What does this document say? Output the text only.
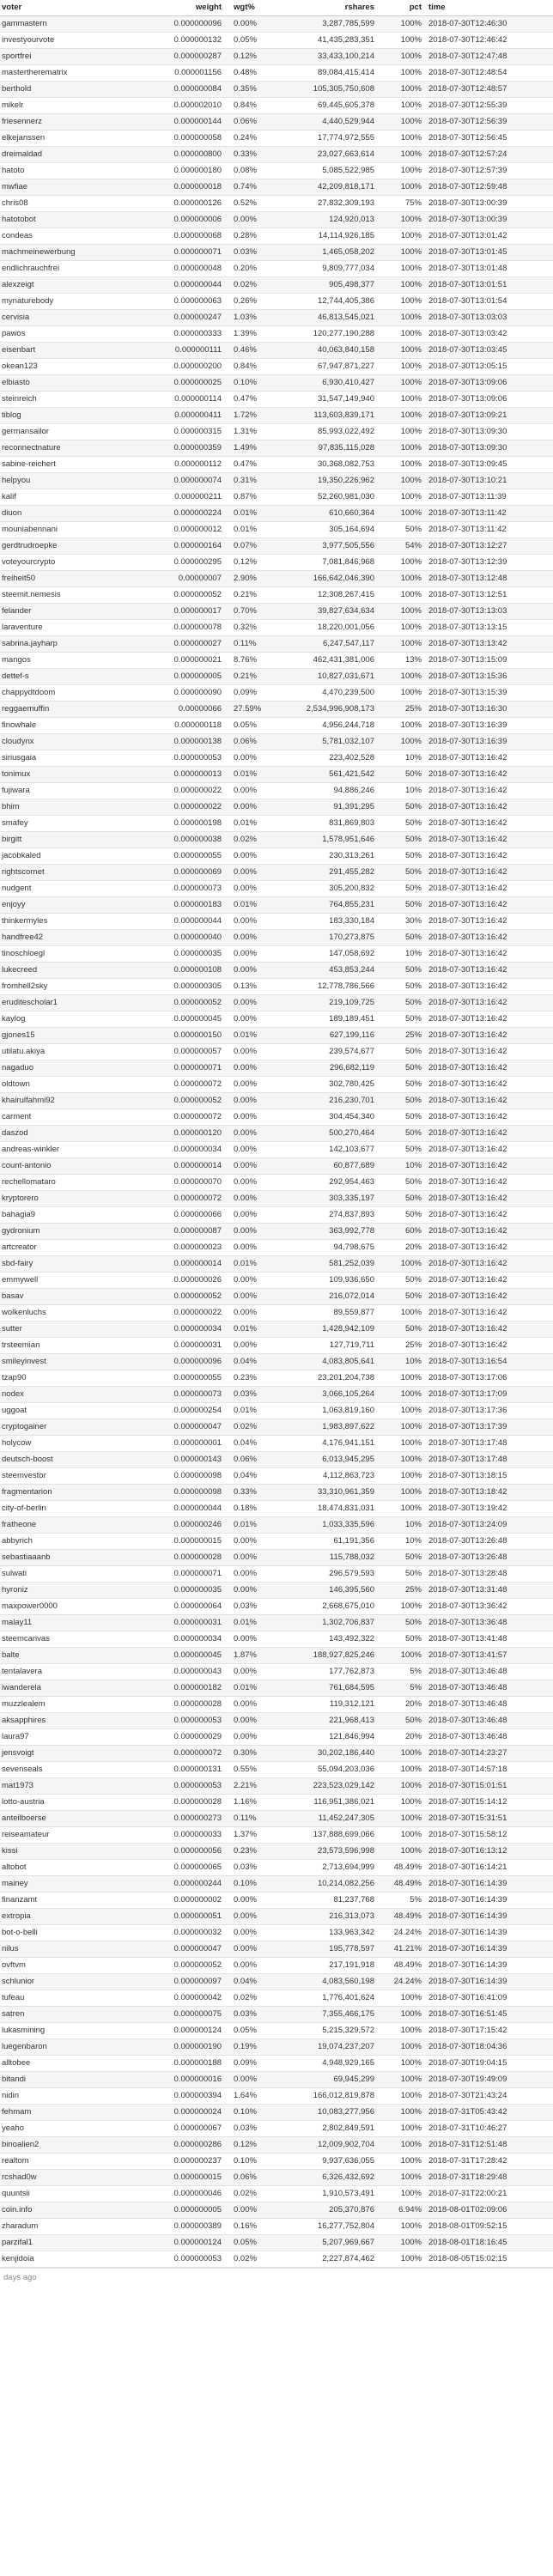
voter	weight	wgt%	rshares	pct	time
gammastern	0.000000096	0.00%	3,287,785,599	100%	2018-07-30T12:46:30
investyourvote	0.000000132	0.05%	41,435,283,351	100%	2018-07-30T12:46:42
sportfrei	0.000000287	0.12%	33,433,100,214	100%	2018-07-30T12:47:48
mastertherematrix	0.000001156	0.48%	89,084,415,414	100%	2018-07-30T12:48:54
berthold	0.000000084	0.35%	105,305,750,608	100%	2018-07-30T12:48:57
mikelr	0.000002010	0.84%	69,445,605,378	100%	2018-07-30T12:55:39
friesennerz	0.000000144	0.06%	4,440,529,944	100%	2018-07-30T12:56:39
elkejanssen	0.000000058	0.24%	17,774,972,555	100%	2018-07-30T12:56:45
dreimaldad	0.000000800	0.33%	23,027,663,614	100%	2018-07-30T12:57:24
hatoto	0.000000180	0.08%	5,085,522,985	100%	2018-07-30T12:57:39
mwfiae	0.000000018	0.74%	42,209,818,171	100%	2018-07-30T12:59:48
chris08	0.000000126	0.52%	27,832,309,193	75%	2018-07-30T13:00:39
hatotobot	0.000000006	0.00%	124,920,013	100%	2018-07-30T13:00:39
condeas	0.000000068	0.28%	14,114,926,185	100%	2018-07-30T13:01:42
machmeinewerbung	0.000000071	0.03%	1,465,058,202	100%	2018-07-30T13:01:45
endlichrauchfrei	0.000000048	0.20%	9,809,777,034	100%	2018-07-30T13:01:48
alexzeigt	0.000000044	0.02%	905,498,377	100%	2018-07-30T13:01:51
mynaturebody	0.000000063	0.26%	12,744,405,386	100%	2018-07-30T13:01:54
cervisia	0.000000247	1.03%	46,813,545,021	100%	2018-07-30T13:03:03
pawos	0.000000333	1.39%	120,277,190,288	100%	2018-07-30T13:03:42
eisenbart	0.000000111	0.46%	40,063,840,158	100%	2018-07-30T13:03:45
okean123	0.000000200	0.84%	67,947,871,227	100%	2018-07-30T13:05:15
elbiasto	0.000000025	0.10%	6,930,410,427	100%	2018-07-30T13:09:06
steinreich	0.000000114	0.47%	31,547,149,940	100%	2018-07-30T13:09:06
tiblog	0.000000411	1.72%	113,603,839,171	100%	2018-07-30T13:09:21
germansailor	0.000000315	1.31%	85,993,022,492	100%	2018-07-30T13:09:30
reconnectnature	0.000000359	1.49%	97,835,115,028	100%	2018-07-30T13:09:30
sabine-reichert	0.000000112	0.47%	30,368,082,753	100%	2018-07-30T13:09:45
helpyou	0.000000074	0.31%	19,350,226,962	100%	2018-07-30T13:10:21
kalif	0.000000211	0.87%	52,260,981,030	100%	2018-07-30T13:11:39
diuon	0.000000224	0.01%	610,660,364	100%	2018-07-30T13:11:42
mouniabennani	0.000000012	0.01%	305,164,694	50%	2018-07-30T13:11:42
gerdtrudroepke	0.000000164	0.07%	3,977,505,556	54%	2018-07-30T13:12:27
voteyourcrypto	0.000000295	0.12%	7,081,846,968	100%	2018-07-30T13:12:39
freiheit50	0.00000007	2.90%	166,642,046,390	100%	2018-07-30T13:12:48
steemit.nemesis	0.000000052	0.21%	12,308,267,415	100%	2018-07-30T13:12:51
felander	0.000000017	0.70%	39,827,634,634	100%	2018-07-30T13:13:03
laraventure	0.000000078	0.32%	18,220,001,056	100%	2018-07-30T13:13:15
sabrina.jayharp	0.000000027	0.11%	6,247,547,117	100%	2018-07-30T13:13:42
mangos	0.000000021	8.76%	462,431,381,006	13%	2018-07-30T13:15:09
dettef-s	0.000000005	0.21%	10,827,031,671	100%	2018-07-30T13:15:36
chappydtdoom	0.000000090	0.09%	4,470,239,500	100%	2018-07-30T13:15:39
reggaemuffin	0.00000066	27.59%	2,534,996,908,173	25%	2018-07-30T13:16:30
finowhale	0.000000118	0.05%	4,956,244,718	100%	2018-07-30T13:16:39
cloudynx	0.000000138	0.06%	5,781,032,107	100%	2018-07-30T13:16:39
siriusgaia	0.000000053	0.00%	223,402,528	10%	2018-07-30T13:16:42
tonimux	0.000000013	0.01%	561,421,542	50%	2018-07-30T13:16:42
fujiwara	0.000000022	0.00%	94,886,246	10%	2018-07-30T13:16:42
bhim	0.000000022	0.00%	91,391,295	50%	2018-07-30T13:16:42
smafey	0.000000198	0.01%	831,869,803	50%	2018-07-30T13:16:42
birgitt	0.000000038	0.02%	1,578,951,646	50%	2018-07-30T13:16:42
jacobkaled	0.000000055	0.00%	230,313,261	50%	2018-07-30T13:16:42
rightscornet	0.000000069	0.00%	291,455,282	50%	2018-07-30T13:16:42
nudgent	0.000000073	0.00%	305,200,832	50%	2018-07-30T13:16:42
enjoyy	0.000000183	0.01%	764,855,231	50%	2018-07-30T13:16:42
thinkermyles	0.000000044	0.00%	183,330,184	30%	2018-07-30T13:16:42
handfree42	0.000000040	0.00%	170,273,875	50%	2018-07-30T13:16:42
tinoschloegl	0.000000035	0.00%	147,058,692	10%	2018-07-30T13:16:42
lukecreed	0.000000108	0.00%	453,853,244	50%	2018-07-30T13:16:42
fromhell2sky	0.000000305	0.13%	12,778,786,566	50%	2018-07-30T13:16:42
eruditescholar1	0.000000052	0.00%	219,109,725	50%	2018-07-30T13:16:42
kaylog	0.000000045	0.00%	189,189,451	50%	2018-07-30T13:16:42
gjones15	0.000000150	0.01%	627,199,116	25%	2018-07-30T13:16:42
utilatu.akiya	0.000000057	0.00%	239,574,677	50%	2018-07-30T13:16:42
nagaduo	0.000000071	0.00%	296,682,119	50%	2018-07-30T13:16:42
oldtown	0.000000072	0.00%	302,780,425	50%	2018-07-30T13:16:42
khairulfahmi92	0.000000052	0.00%	216,230,701	50%	2018-07-30T13:16:42
carment	0.000000072	0.00%	304,454,340	50%	2018-07-30T13:16:42
daszod	0.000000120	0.00%	500,270,464	50%	2018-07-30T13:16:42
andreas-winkler	0.000000034	0.00%	142,103,677	50%	2018-07-30T13:16:42
count-antonio	0.000000014	0.00%	60,877,689	10%	2018-07-30T13:16:42
rechellomataro	0.000000070	0.00%	292,954,463	50%	2018-07-30T13:16:42
kryptorero	0.000000072	0.00%	303,335,197	50%	2018-07-30T13:16:42
bahagia9	0.000000066	0.00%	274,837,893	50%	2018-07-30T13:16:42
gydronium	0.000000087	0.00%	363,992,778	60%	2018-07-30T13:16:42
artcreator	0.000000023	0.00%	94,798,675	20%	2018-07-30T13:16:42
sbd-fairy	0.000000014	0.01%	581,252,039	100%	2018-07-30T13:16:42
emmywell	0.000000026	0.00%	109,936,650	50%	2018-07-30T13:16:42
basav	0.000000052	0.00%	216,072,014	50%	2018-07-30T13:16:42
wolkenluchs	0.000000022	0.00%	89,559,877	100%	2018-07-30T13:16:42
sutter	0.000000034	0.01%	1,428,942,109	50%	2018-07-30T13:16:42
trsteemian	0.000000031	0.00%	127,719,711	25%	2018-07-30T13:16:42
smileyinvest	0.000000096	0.04%	4,083,805,641	10%	2018-07-30T13:16:54
tzap90	0.000000055	0.23%	23,201,204,738	100%	2018-07-30T13:17:06
nodex	0.000000073	0.03%	3,066,105,264	100%	2018-07-30T13:17:09
uggoat	0.000000254	0.01%	1,063,819,160	100%	2018-07-30T13:17:36
cryptogainer	0.000000047	0.02%	1,983,897,622	100%	2018-07-30T13:17:39
holycow	0.000000001	0.04%	4,176,941,151	100%	2018-07-30T13:17:48
deutsch-boost	0.000000143	0.06%	6,013,945,295	100%	2018-07-30T13:17:48
steemvestor	0.000000098	0.04%	4,112,863,723	100%	2018-07-30T13:18:15
fragmentarion	0.000000098	0.33%	33,310,961,359	100%	2018-07-30T13:18:42
city-of-berlin	0.000000044	0.18%	18,474,831,031	100%	2018-07-30T13:19:42
fratheone	0.000000246	0.01%	1,033,335,596	10%	2018-07-30T13:24:09
abbyrich	0.000000015	0.00%	61,191,356	10%	2018-07-30T13:26:48
sebastiaaanb	0.000000028	0.00%	115,788,032	50%	2018-07-30T13:26:48
sulwati	0.000000071	0.00%	296,579,593	50%	2018-07-30T13:28:48
hyroniz	0.000000035	0.00%	146,395,560	25%	2018-07-30T13:31:48
maxpower0000	0.000000064	0.03%	2,668,675,010	100%	2018-07-30T13:36:42
malay11	0.000000031	0.01%	1,302,706,837	50%	2018-07-30T13:36:48
steemcanvas	0.000000034	0.00%	143,492,322	50%	2018-07-30T13:41:48
balte	0.000000045	1.87%	188,927,825,246	100%	2018-07-30T13:41:57
tentalavera	0.000000043	0.00%	177,762,873	5%	2018-07-30T13:46:48
iwanderela	0.000000182	0.01%	761,684,595	5%	2018-07-30T13:46:48
muzzlealem	0.000000028	0.00%	119,312,121	20%	2018-07-30T13:46:48
aksapphires	0.000000053	0.00%	221,968,413	50%	2018-07-30T13:46:48
laura97	0.000000029	0.00%	121,846,994	20%	2018-07-30T13:46:48
jensvoigt	0.000000072	0.30%	30,202,186,440	100%	2018-07-30T14:23:27
sevenseals	0.000000131	0.55%	55,094,203,036	100%	2018-07-30T14:57:18
mat1973	0.000000053	2.21%	223,523,029,142	100%	2018-07-30T15:01:51
lotto-austria	0.000000028	1.16%	116,951,386,021	100%	2018-07-30T15:14:12
anteilboerse	0.000000273	0.11%	11,452,247,305	100%	2018-07-30T15:31:51
reiseamateur	0.000000033	1.37%	137,888,699,066	100%	2018-07-30T15:58:12
kissi	0.000000056	0.23%	23,573,596,998	100%	2018-07-30T16:13:12
altobot	0.000000065	0.03%	2,713,694,999	48.49%	2018-07-30T16:14:21
mainey	0.000000244	0.10%	10,214,082,256	48.49%	2018-07-30T16:14:39
finanzamt	0.000000002	0.00%	81,237,768	5%	2018-07-30T16:14:39
extropia	0.000000051	0.00%	216,313,073	48.49%	2018-07-30T16:14:39
bot-o-belli	0.000000032	0.00%	133,963,342	24.24%	2018-07-30T16:14:39
nilus	0.000000047	0.00%	195,778,597	41.21%	2018-07-30T16:14:39
ovftvm	0.000000052	0.00%	217,191,918	48.49%	2018-07-30T16:14:39
schlunior	0.000000097	0.04%	4,083,560,198	24.24%	2018-07-30T16:14:39
tufeau	0.000000042	0.02%	1,776,401,624	100%	2018-07-30T16:41:09
satren	0.000000075	0.03%	7,355,466,175	100%	2018-07-30T16:51:45
lukasmining	0.000000124	0.05%	5,215,329,572	100%	2018-07-30T17:15:42
luegenbaron	0.000000190	0.19%	19,074,237,207	100%	2018-07-30T18:04:36
alltobee	0.000000188	0.09%	4,948,929,165	100%	2018-07-30T19:04:15
bitandi	0.000000016	0.00%	69,945,299	100%	2018-07-30T19:49:09
nidin	0.000000394	1.64%	166,012,819,878	100%	2018-07-30T21:43:24
fehmam	0.000000024	0.10%	10,083,277,956	100%	2018-07-31T05:43:42
yeaho	0.000000067	0.03%	2,802,849,591	100%	2018-07-31T10:46:27
binoalien2	0.000000286	0.12%	12,009,902,704	100%	2018-07-31T12:51:48
realtom	0.000000237	0.10%	9,937,636,055	100%	2018-07-31T17:28:42
rcshad0w	0.000000015	0.06%	6,326,432,692	100%	2018-07-31T18:29:48
quuntsii	0.000000046	0.02%	1,910,573,491	100%	2018-07-31T22:00:21
coin.info	0.000000005	0.00%	205,370,876	6.94%	2018-08-01T02:09:06
zharadum	0.000000389	0.16%	16,277,752,804	100%	2018-08-01T09:52:15
parzifal1	0.000000124	0.05%	5,207,969,667	100%	2018-08-01T18:16:45
kenjidoia	0.000000053	0.02%	2,227,874,462	100%	2018-08-05T15:02:15
days ago
